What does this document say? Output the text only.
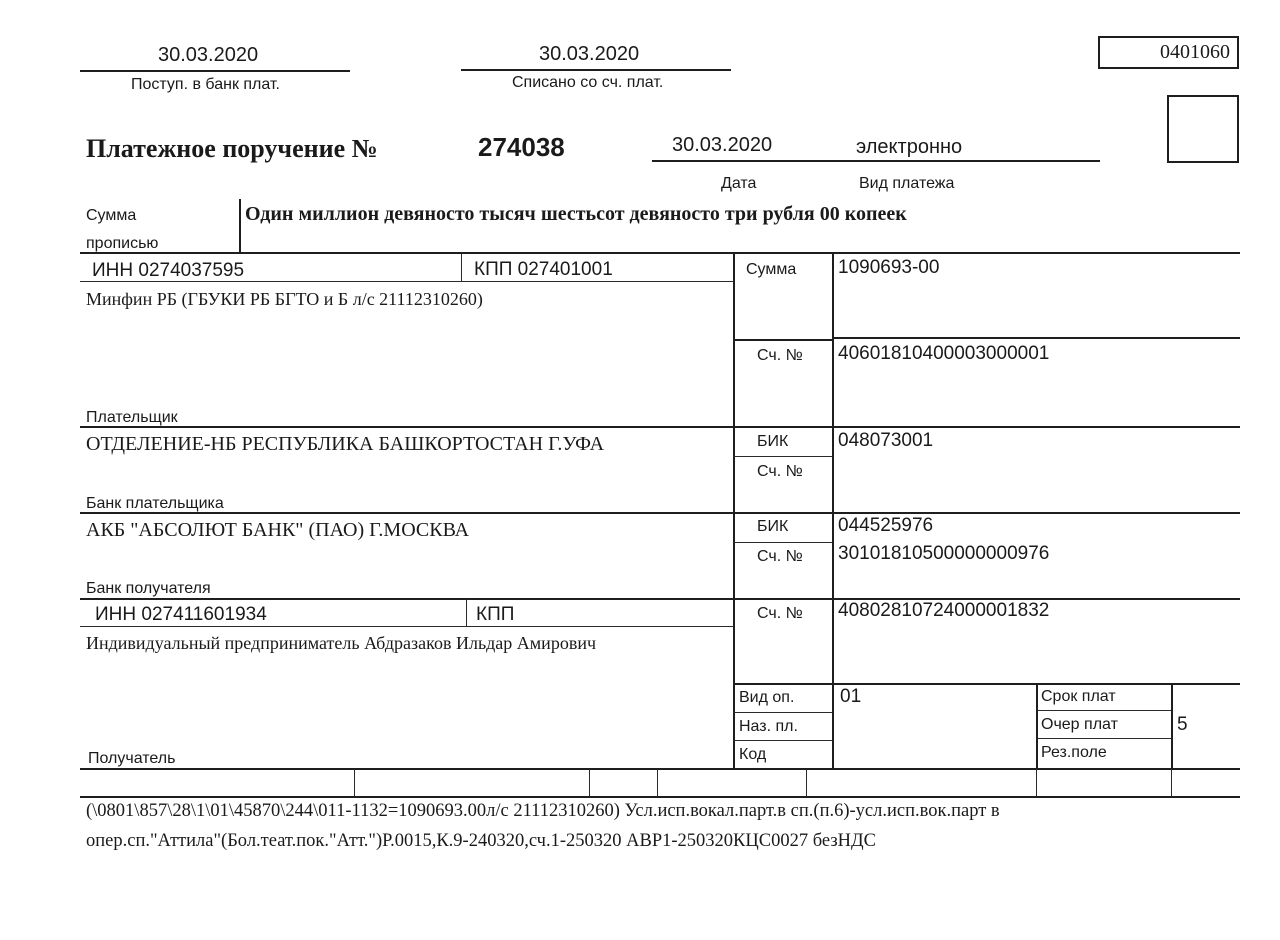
30.03.2020
Поступ. в банк плат.
30.03.2020
Списано со сч. плат.
0401060
Платежное поручение №	274038	30.03.2020	электронно
Дата	Вид платежа
Сумма
прописью
Один миллион девяносто тысяч шестьсот девяносто три рубля 00 копеек
ИНН 0274037595	КПП 027401001
Минфин РБ (ГБУКИ РБ БГТО и Б л/с 21112310260)
Плательщик
Сумма 1090693-00
Сч. № 40601810400003000001
ОТДЕЛЕНИЕ-НБ РЕСПУБЛИКА БАШКОРТОСТАН Г.УФА
Банк плательщика
БИК	048073001
Сч. №
АКБ "АБСОЛЮТ БАНК" (ПАО) Г.МОСКВА
Банк получателя
БИК	044525976
Сч. № 30101810500000000976
ИНН 027411601934	КПП
Индивидуальный предприниматель Абдразаков Ильдар Амирович
Получатель
Сч. № 40802810724000001832
Вид оп. 01
Наз. пл.
Код
Срок плат
Очер плат	5
Рез.поле
(\0801\857\28\1\01\45870\244\011-1132=1090693.00л/с 21112310260) Усл.исп.вокал.парт.в сп.(п.6)-усл.исп.вок.парт в
опер.сп."Аттила"(Бол.теат.пок."Атт.")Р.0015,К.9-240320,сч.1-250320 АВР1-250320КЦС0027 безНДС
